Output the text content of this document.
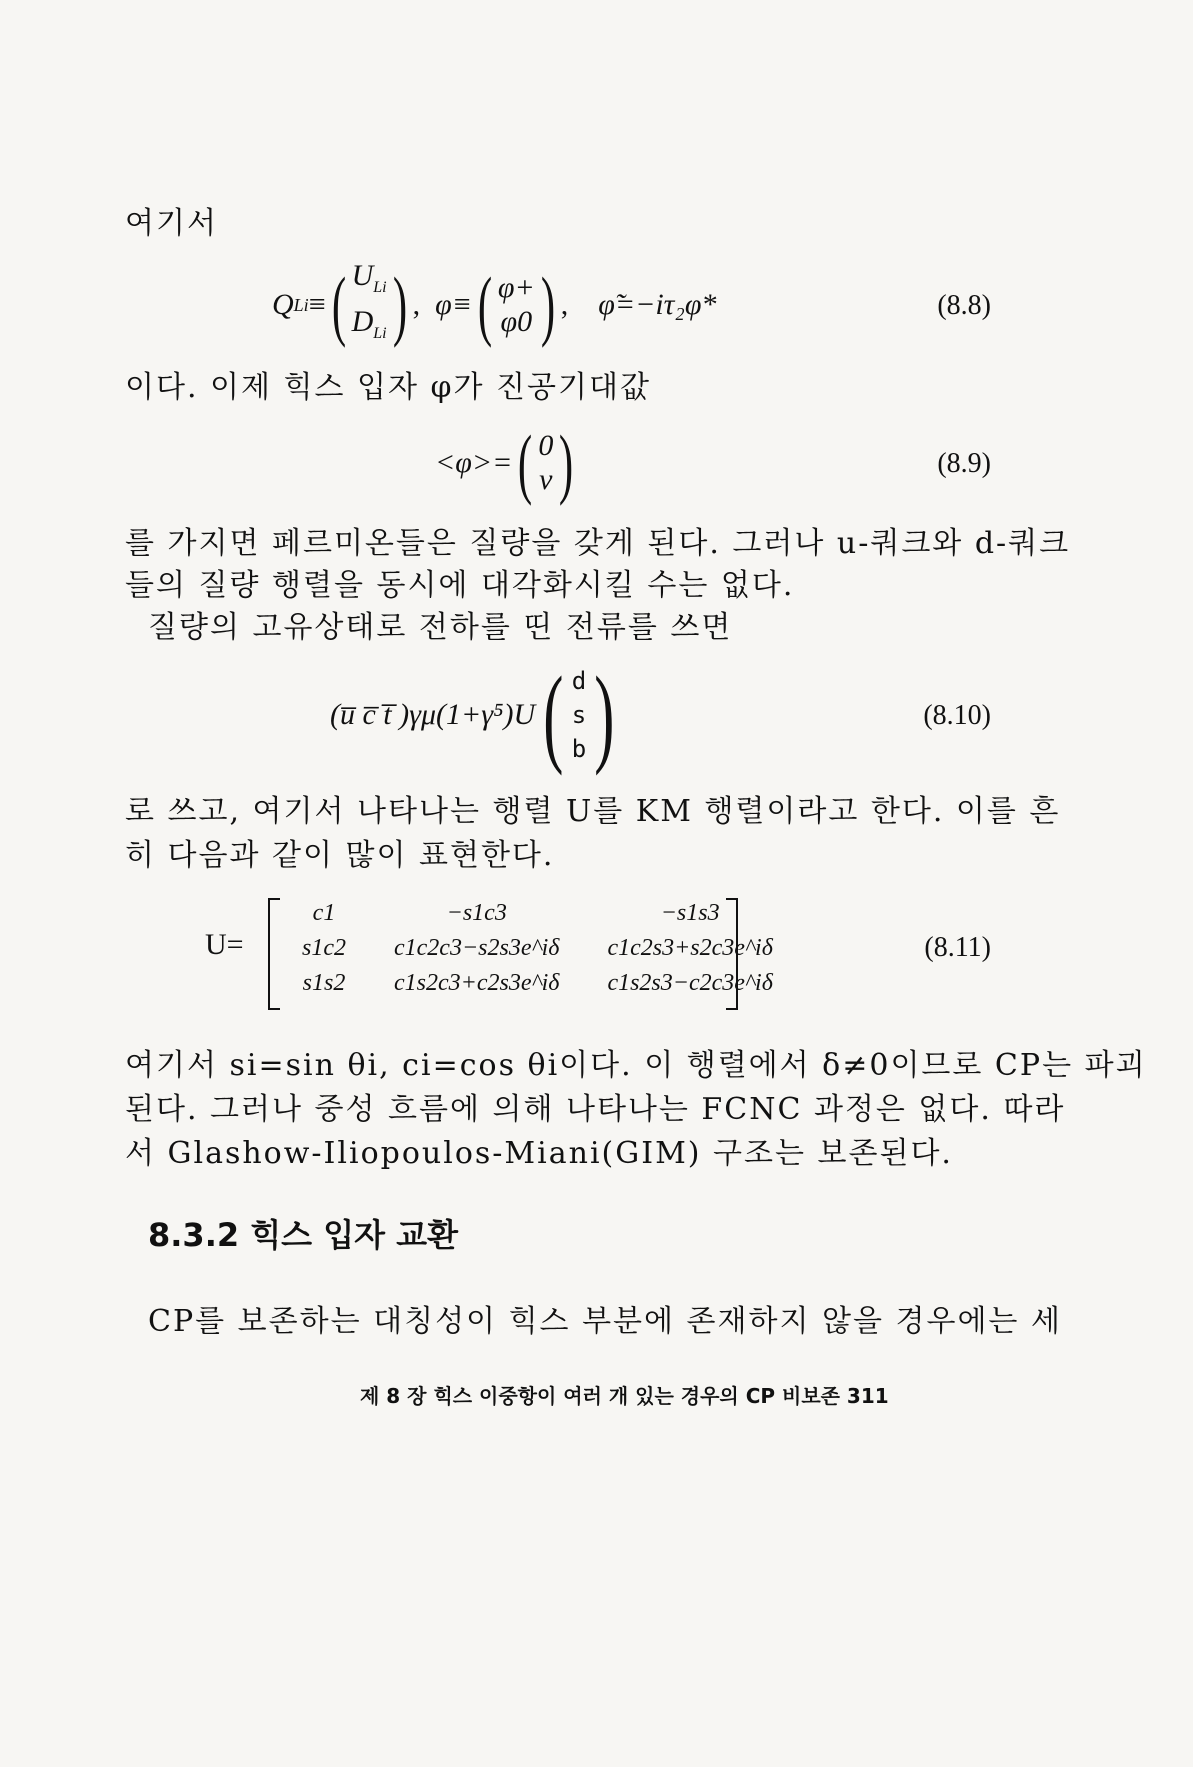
여기서
Q Li ≡ ( $U_{Li}$
$D_{Li}$ ) , φ≡ ( φ+
φ0 ) , φ̃=−iτ₂φ*	(8.8)
이다. 이제 힉스 입자 φ가 진공기대값
<φ>= ( 0
v )	(8.9)
를 가지면 페르미온들은 질량을 갖게 된다. 그러나 u-쿼크와 d-쿼크
들의 질량 행렬을 동시에 대각화시킬 수는 없다.
질량의 고유상태로 전하를 띤 전류를 쓰면
(u̅ c̅ t̅ )γμ(1+γ⁵)U ( d
s
b )	(8.10)
로 쓰고, 여기서 나타나는 행렬 U를 KM 행렬이라고 한다. 이를 흔
히 다음과 같이 많이 표현한다.
U=
c1	−s1c3	−s1s3
s1c2	c1c2c3−s2s3e^iδ	c1c2s3+s2c3e^iδ
s1s2	c1s2c3+c2s3e^iδ	c1s2s3−c2c3e^iδ
(8.11)
여기서 si=sin θi, ci=cos θi이다. 이 행렬에서 δ≠0이므로 CP는 파괴
된다. 그러나 중성 흐름에 의해 나타나는 FCNC 과정은 없다. 따라
서 Glashow-Iliopoulos-Miani(GIM) 구조는 보존된다.
8.3.2 힉스 입자 교환
CP를 보존하는 대칭성이 힉스 부분에 존재하지 않을 경우에는 세
제 8 장 힉스 이중항이 여러 개 있는 경우의 CP 비보존 311
